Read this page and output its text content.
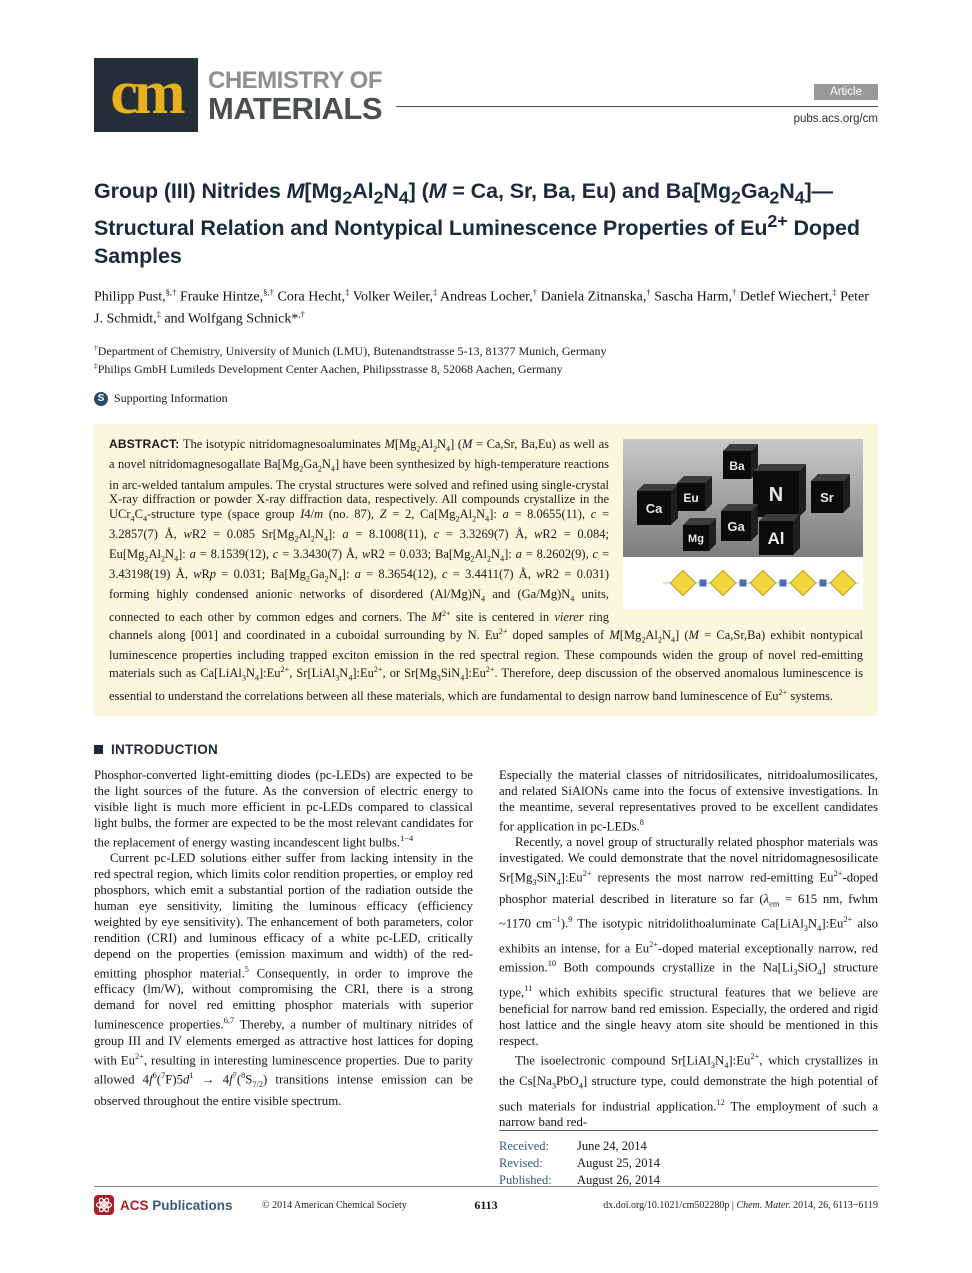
cm	CHEMISTRY OF
MATERIALS	Article
pubs.acs.org/cm
Group (III) Nitrides $M[Mg_2Al_2N_4] (M = Ca$, Sr, Ba, Eu) and $Ba[Mg_2Ga_2N_4]—Structural$ Relation and Nontypical Luminescence Properties of $Eu^{2+}$ Doped Samples
Philipp Pust,§,† Frauke Hintze,§,† Cora Hecht,‡ Volker Weiler,‡ Andreas Locher,† Daniela Zitnanska,† Sascha Harm,† Detlef Wiechert,‡ Peter J. Schmidt,‡ and Wolfgang Schnick*,†

†Department of Chemistry, University of Munich (LMU), Butenandtstrasse 5-13, 81377 Munich, Germany

‡Philips GmbH Lumileds Development Center Aachen, Philipsstrasse 8, 52068 Aachen, Germany

S Supporting Information
Ca
Eu
Ba
N	Sr
Ga
Al
Mg

ABSTRACT: The isotypic nitridomagnesoaluminates $M[Mg_2Al_2N_4] (M = Ca,Sr$, Ba,Eu) as well as a novel nitridomagnesogallate $Ba[Mg_2Ga_2N_4]$ have been synthesized by high-temperature reactions in arc-welded tantalum ampules. The crystal structures were solved and refined using single-crystal X-ray diffraction or powder X-ray diffraction data, respectively. All compounds crystallize in the $UCr_4C_4$-structure type (space group I4/m (no. 87), Z = 2, $Ca[Mg_2Al_2N_4]$: a = 8.0655(11), c = 3.2857(7) Å, wR2 = 0.085 $Sr[Mg_2Al_2N_4]$: a = 8.1008(11), c = 3.3269(7) Å, wR2 = 0.084; $Eu[Mg_2Al_2N_4]$: a = 8.1539(12), c = 3.3430(7) Å, wR2 = 0.033; $Ba[Mg_2Al_2N_4]$: a = 8.2602(9), c = 3.43198(19) Å, wRp = 0.031; $Ba[Mg_2Ga_2N_4]$: a = 8.3654(12), c = 3.4411(7) Å, wR2 = 0.031) forming highly condensed anionic networks of disordered $(Al/Mg)N_4$ and $(Ga/Mg)N_4$ units, connected to each other by common edges and corners. The $M^{2+}$ site is centered in vierer ring channels along [001] and coordinated in a cuboidal surrounding by N. $Eu^{2+}$ doped samples of $M[Mg_2Al_2N_4] (M = Ca,Sr,Ba)$ exhibit nontypical luminescence properties including trapped exciton emission in the red spectral region. These compounds widen the group of novel red-emitting materials such as $Ca[LiAl_3N_4]:Eu^{2+}$, $Sr[LiAl_3N_4]:Eu^{2+}$, or $Sr[Mg_3SiN_4]:Eu^{2+}$. Therefore, deep discussion of the observed anomalous luminescence is essential to understand the correlations between all these materials, which are fundamental to design narrow band luminescence of $Eu^{2+}$ systems.

INTRODUCTION

Phosphor-converted light-emitting diodes (pc-LEDs) are expected to be the light sources of the future. As the conversion of electric energy to visible light is much more efficient in pc-LEDs compared to classical light bulbs, the former are expected to be the most relevant candidates for the replacement of energy wasting incandescent light bulbs.$^{1-4}$

Current pc-LED solutions either suffer from lacking intensity in the red spectral region, which limits color rendition properties, or employ red phosphors, which emit a substantial portion of the radiation outside the human eye sensitivity, limiting the luminous efficacy (efficiency weighted by eye sensitivity). The enhancement of both parameters, color rendition (CRI) and luminous efficacy of a white pc-LED, critically depend on the properties (emission maximum and width) of the red-emitting phosphor material.$^5$ Consequently, in order to improve the efficacy (lm/W), without compromising the CRI, there is a strong demand for novel red emitting phosphor materials with superior luminescence properties.$^{6,7}$ Thereby, a number of multinary nitrides of group III and IV elements emerged as attractive host lattices for doping with $Eu^{2+}$, resulting in interesting luminescence properties. Due to parity allowed $4f^6(^7F)5d^1 \to 4f^7(^8S_{7/2})$ transitions intense emission can be observed throughout the entire visible spectrum.

Especially the material classes of nitridosilicates, nitridoalumosilicates, and related SiAlONs came into the focus of extensive investigations. In the meantime, several representatives proved to be excellent candidates for application in pc-LEDs.$^8$

Recently, a novel group of structurally related phosphor materials was investigated. We could demonstrate that the novel nitridomagnesosilicate $Sr[Mg_3SiN_4]:Eu^{2+}$ represents the most narrow red-emitting $Eu^{2+}$-doped phosphor material described in literature so far ($\lambda_{em} = 615$ nm, fwhm ~1170 $cm^{-1}).^9$ The isotypic nitridolithoaluminate $Ca[LiAl_3N_4]:Eu^{2+}$ also exhibits an intense, for a $Eu^{2+}$-doped material exceptionally narrow, red emission.$^{10}$ Both compounds crystallize in the $Na[Li_3SiO_4]$ structure type,$^{11}$ which exhibits specific structural features that we believe are beneficial for narrow band red emission. Especially, the ordered and rigid host lattice and the single heavy atom site should be mentioned in this respect.

The isoelectronic compound $Sr[LiAl_3N_4]:Eu^{2+}$, which crystallizes in the $Cs[Na_3PbO_4]$ structure type, could demonstrate the high potential of such materials for industrial application.$^{12}$ The employment of such a narrow band red-

Received:	June 24, 2014
Revised:	August 25, 2014
Published:	August 26, 2014
ACS Publications	© 2014 American Chemical Society	6113	dx.doi.org/10.1021/cm502280p | Chem. Mater. 2014, 26, 6113−6119
